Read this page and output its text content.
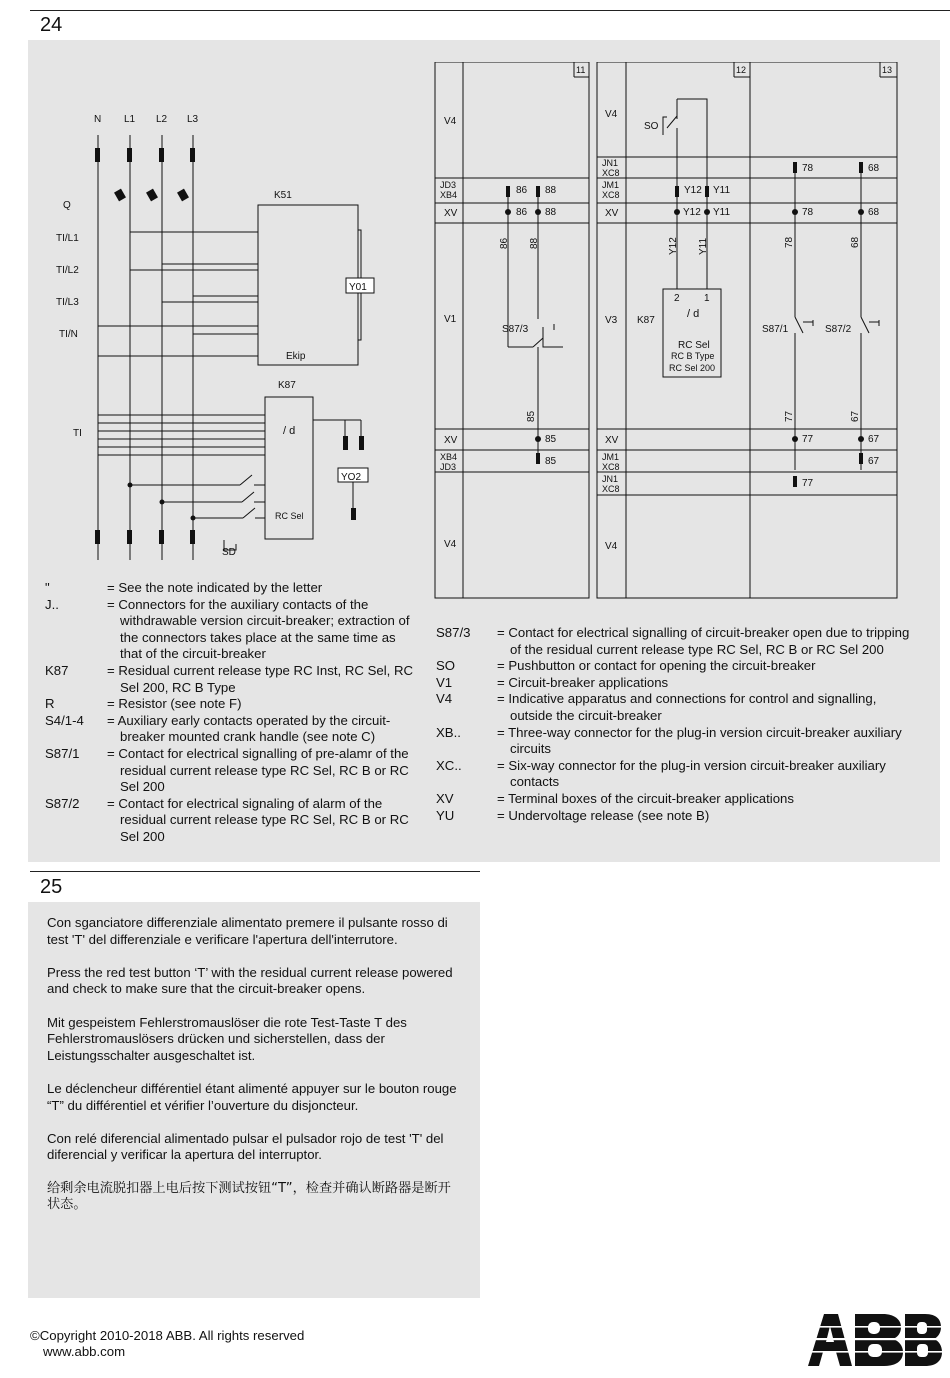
24
N L1 L2 L3
Q
TI/L1
TI/L2
TI/L3
TI/N
TI
K51
Ekip
Y01
K87
/ d
RC Sel
YO2
SD
11	12	13
V4
JD3
XB4
XV
V1
XV
XB4
JD3
V4
86 88
86 88
86 88
S87/3
85
85
85
V4
JN1
XC8
JM1
XC8
XV
V3
XV
JM1
XC8
JN1
XC8
V4
SO
Y12 Y11
Y12 Y11
Y12 Y11
K87
2 1
/ d
RC Sel
RC B Type
RC Sel 200
78	68
78	68
78	68
S87/1	S87/2
77	67
77	67
67
77
"	= See the note indicated by the letter
J..	= Connectors for the auxiliary contacts of the withdrawable version circuit-breaker; extraction of the connectors takes place at the same time as that of the circuit-breaker
K87	= Residual current release type RC Inst, RC Sel, RC Sel 200, RC B Type
R	= Resistor (see note F)
S4/1-4	= Auxiliary early contacts operated by the circuit-breaker mounted crank handle (see note C)
S87/1	= Contact for electrical signalling of pre-alamr of the residual current release type RC Sel, RC B or RC Sel 200
S87/2	= Contact for electrical signaling of alarm of the residual current release type RC Sel, RC B or RC Sel 200
S87/3	= Contact for electrical signalling of circuit-breaker open due to tripping of the residual current release type RC Sel, RC B or RC Sel 200
SO	= Pushbutton or contact for opening the circuit-breaker
V1	= Circuit-breaker applications
V4	= Indicative apparatus and connections for control and signalling, outside the circuit-breaker
XB..	= Three-way connector for the plug-in version circuit-breaker auxiliary circuits
XC..	= Six-way connector for the plug-in version circuit-breaker auxiliary contacts
XV	= Terminal boxes of the circuit-breaker applications
YU	= Undervoltage release (see note B)
25

Con sganciatore differenziale alimentato premere il pulsante rosso di test 'T' del differenziale e verificare l'apertura dell'interrutore.

Press the red test button ‘T’ with the residual current release powered and check to make sure that the circuit-breaker opens.

Mit gespeistem Fehlerstromauslöser die rote Test-Taste T des Fehlerstromauslösers drücken und sicherstellen, dass der Leistungsschalter ausgeschaltet ist.

Le déclencheur différentiel étant alimenté appuyer sur le bouton rouge “T” du différentiel et vérifier l’ouverture du disjoncteur.

Con relé diferencial alimentado pulsar el pulsador rojo de test 'T' del diferencial y verificar la apertura del interruptor.

给剩余电流脱扣器上电后按下测试按钮“T”，检查并确认断路器是断开状态。

©Copyright 2010-2018 ABB. All rights reserved
www.abb.com
ABB
